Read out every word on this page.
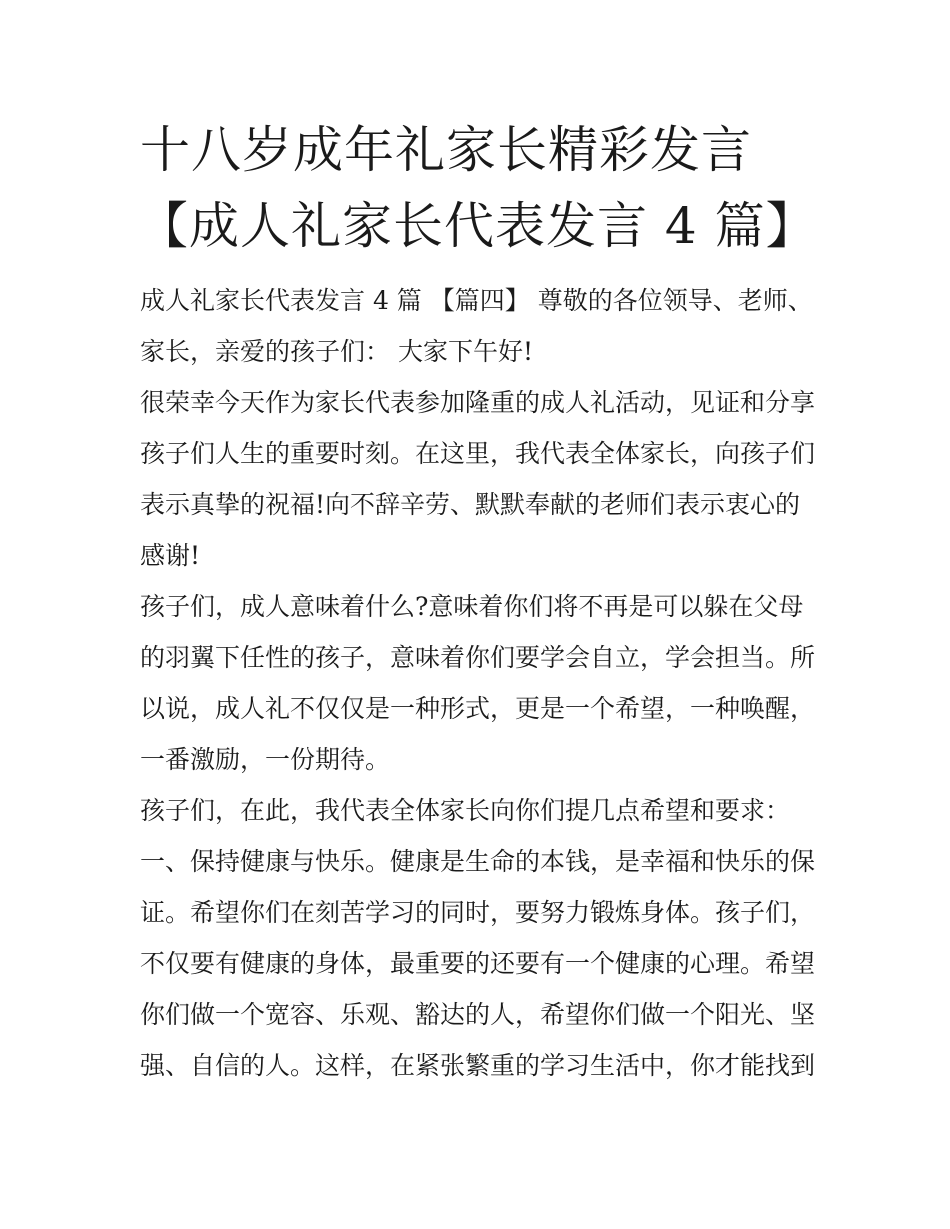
十八岁成年礼家长精彩发言
【成人礼家长代表发言 4 篇】
成人礼家长代表发言 4 篇 【篇四】 尊敬的各位领导、老师、
家长，亲爱的孩子们： 大家下午好!
很荣幸今天作为家长代表参加隆重的成人礼活动，见证和分享
孩子们人生的重要时刻。在这里，我代表全体家长，向孩子们
表示真挚的祝福!向不辞辛劳、默默奉献的老师们表示衷心的
感谢!
孩子们，成人意味着什么?意味着你们将不再是可以躲在父母
的羽翼下任性的孩子，意味着你们要学会自立，学会担当。所
以说，成人礼不仅仅是一种形式，更是一个希望，一种唤醒，
一番激励，一份期待。
孩子们，在此，我代表全体家长向你们提几点希望和要求：
一、保持健康与快乐。健康是生命的本钱，是幸福和快乐的保
证。希望你们在刻苦学习的同时，要努力锻炼身体。孩子们，
不仅要有健康的身体，最重要的还要有一个健康的心理。希望
你们做一个宽容、乐观、豁达的人，希望你们做一个阳光、坚
强、自信的人。这样，在紧张繁重的学习生活中，你才能找到
